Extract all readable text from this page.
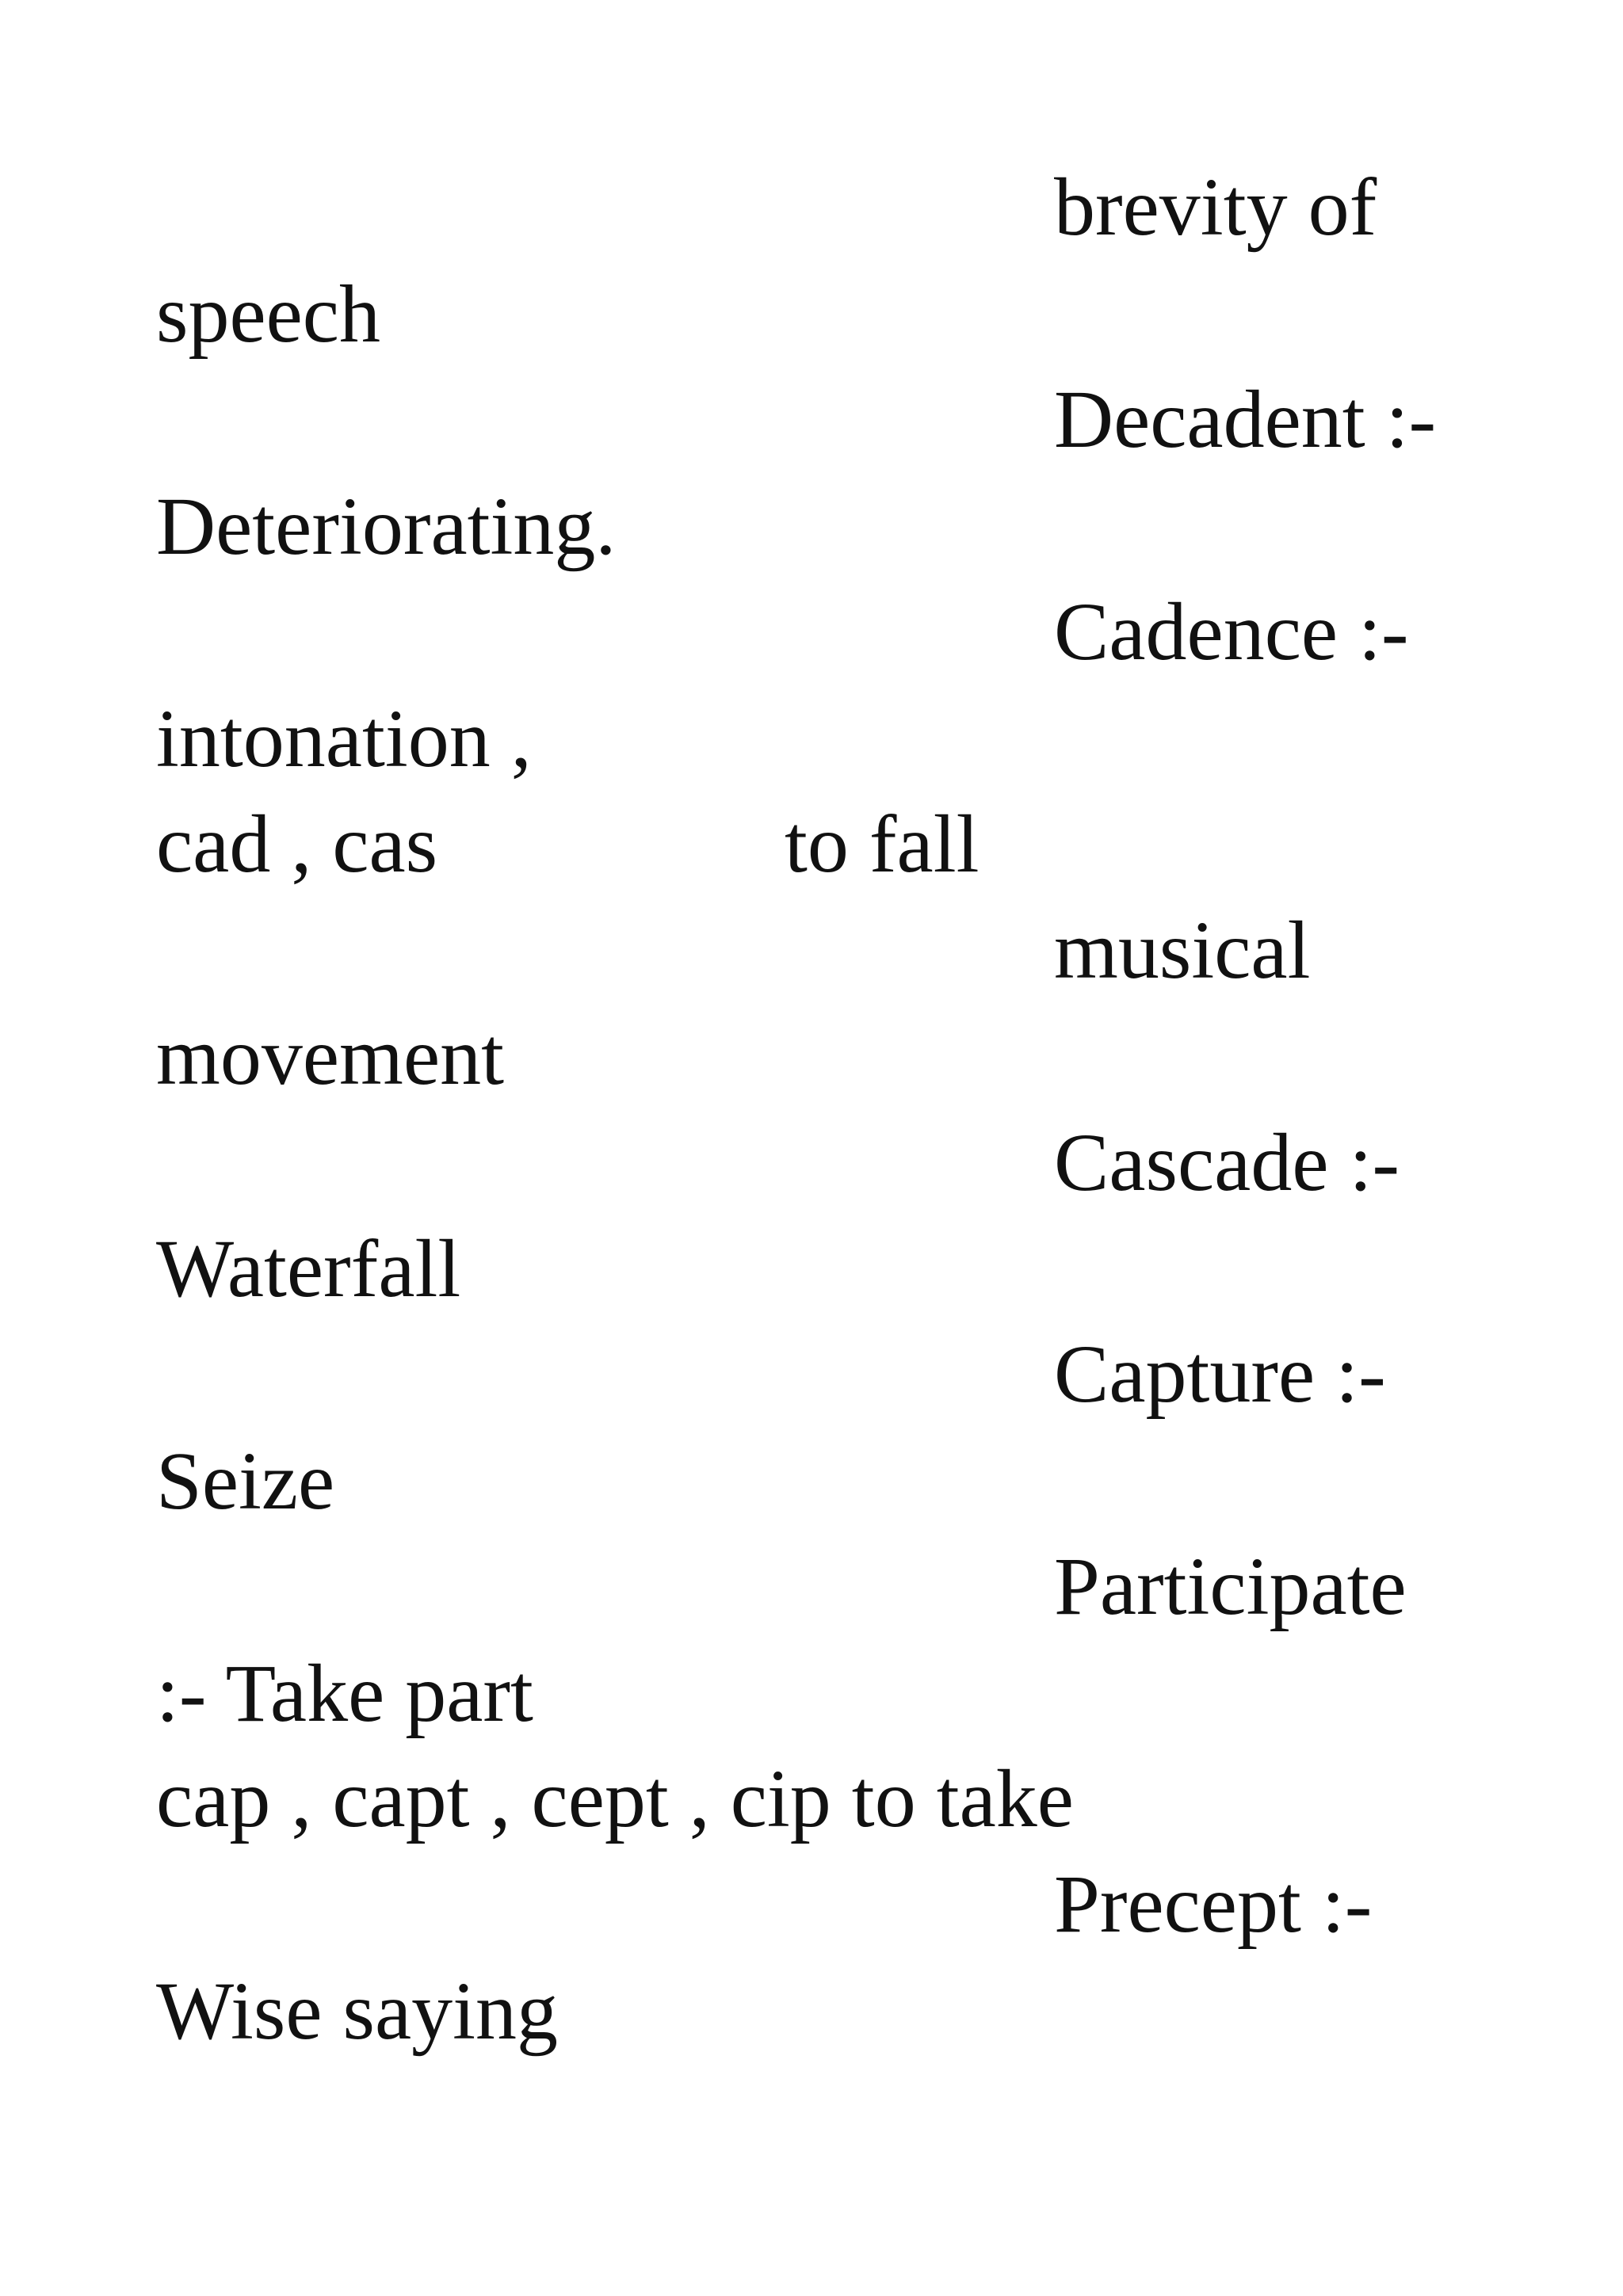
brevity of

speech

Decadent :-

Deteriorating.

Cadence :-

intonation ,

cad , cas	to fall

musical

movement

Cascade :-

Waterfall

Capture :-

Seize

Participate

:- Take part

cap , capt , cept , cip to take

Precept :-

Wise saying
